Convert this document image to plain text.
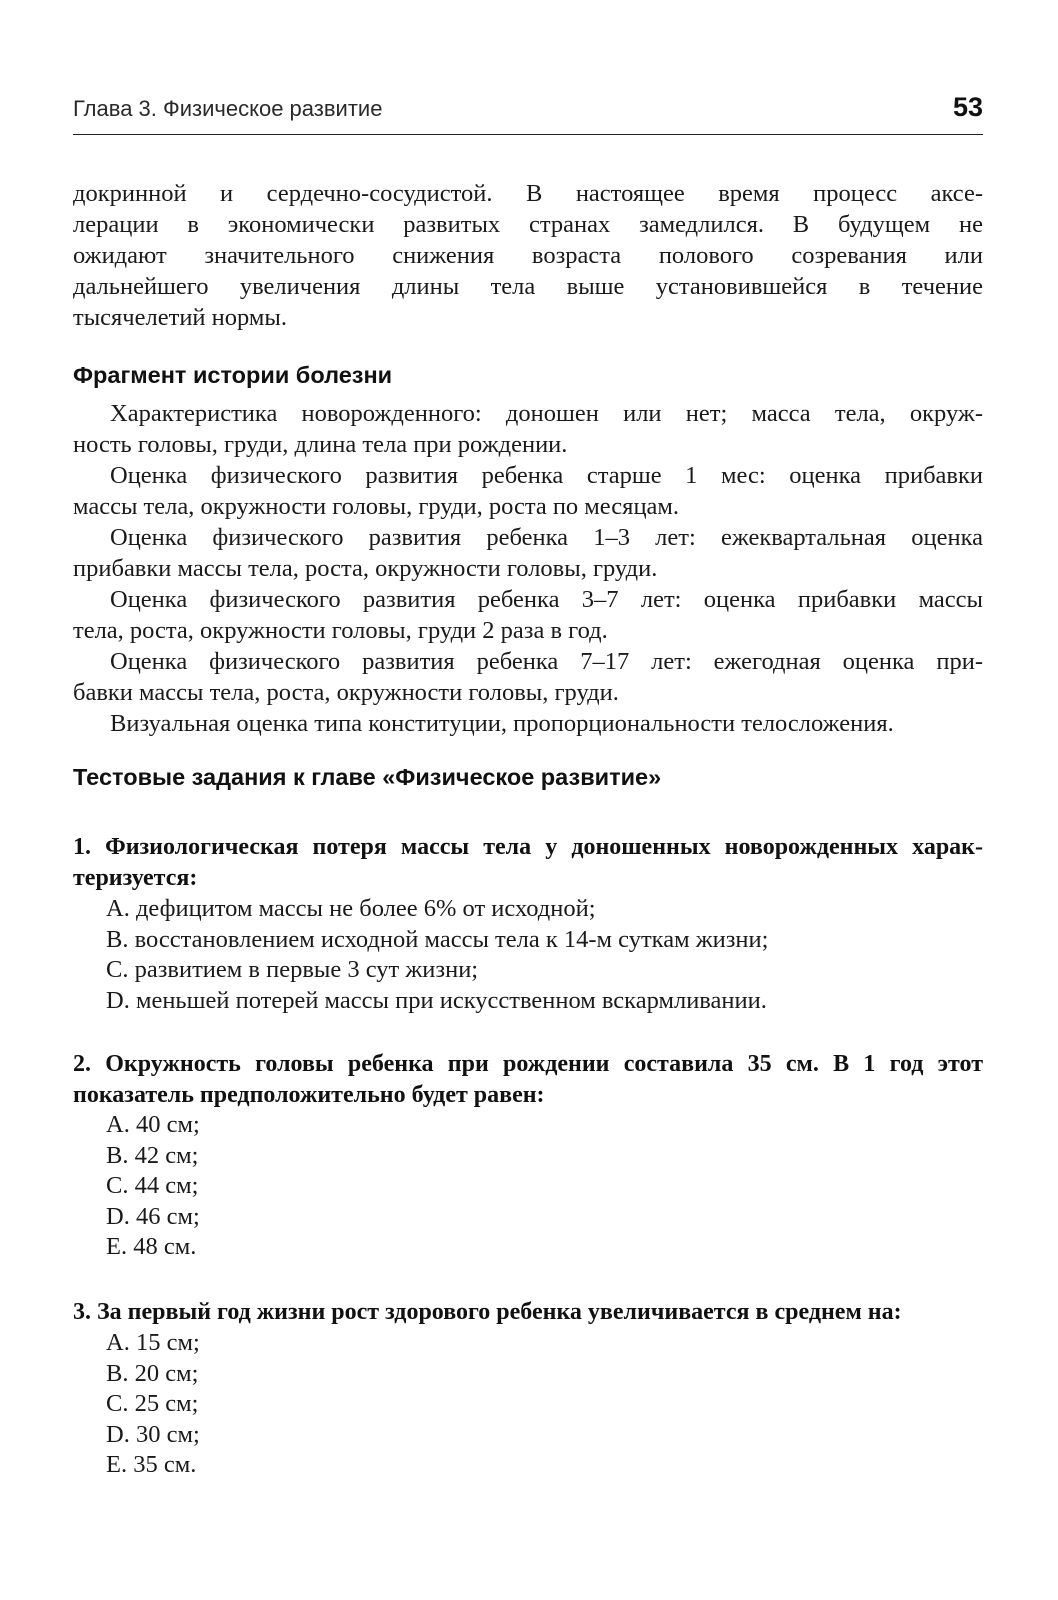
Глава 3. Физическое развитие	53
докринной и сердечно-сосудистой. В настоящее время процесс аксе-
лерации в экономически развитых странах замедлился. В будущем не
ожидают значительного снижения возраста полового созревания или
дальнейшего увеличения длины тела выше установившейся в течение
тысячелетий нормы.
Фрагмент истории болезни
Характеристика новорожденного: доношен или нет; масса тела, окруж-
ность головы, груди, длина тела при рождении.
Оценка физического развития ребенка старше 1 мес: оценка прибавки
массы тела, окружности головы, груди, роста по месяцам.
Оценка физического развития ребенка 1–3 лет: ежеквартальная оценка
прибавки массы тела, роста, окружности головы, груди.
Оценка физического развития ребенка 3–7 лет: оценка прибавки массы
тела, роста, окружности головы, груди 2 раза в год.
Оценка физического развития ребенка 7–17 лет: ежегодная оценка при-
бавки массы тела, роста, окружности головы, груди.
Визуальная оценка типа конституции, пропорциональности телосложения.
Тестовые задания к главе «Физическое развитие»
1. Физиологическая потеря массы тела у доношенных новорожденных харак-
теризуется:
A. дефицитом массы не более 6% от исходной;
B. восстановлением исходной массы тела к 14-м суткам жизни;
C. развитием в первые 3 сут жизни;
D. меньшей потерей массы при искусственном вскармливании.
2. Окружность головы ребенка при рождении составила 35 см. В 1 год этот
показатель предположительно будет равен:
A. 40 см;
B. 42 см;
C. 44 см;
D. 46 см;
E. 48 см.
3. За первый год жизни рост здорового ребенка увеличивается в среднем на:
A. 15 см;
B. 20 см;
C. 25 см;
D. 30 см;
E. 35 см.
